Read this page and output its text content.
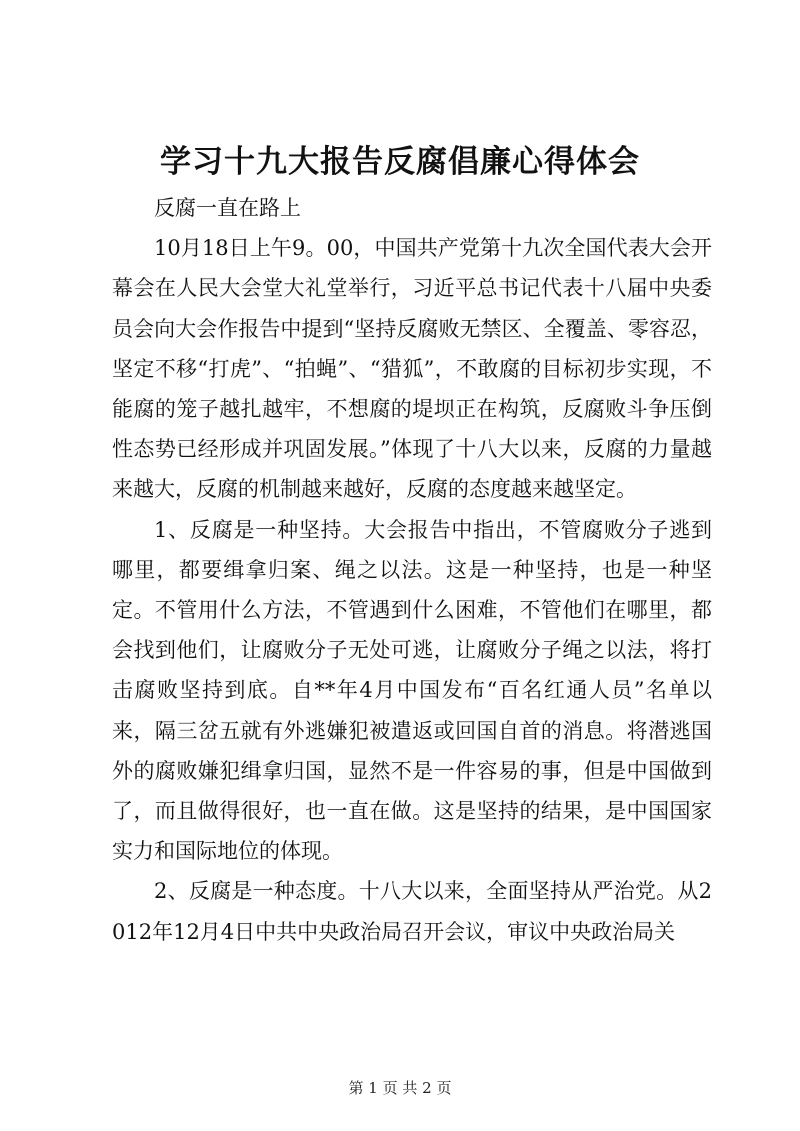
学习十九大报告反腐倡廉心得体会

反腐一直在路上

10月18日上午9。00，中国共产党第十九次全国代表大会开幕会在人民大会堂大礼堂举行，习近平总书记代表十八届中央委员会向大会作报告中提到“坚持反腐败无禁区、全覆盖、零容忍，坚定不移“打虎”、“拍蝇”、“猎狐”，不敢腐的目标初步实现，不能腐的笼子越扎越牢，不想腐的堤坝正在构筑，反腐败斗争压倒性态势已经形成并巩固发展。”体现了十八大以来，反腐的力量越来越大，反腐的机制越来越好，反腐的态度越来越坚定。

1、反腐是一种坚持。大会报告中指出，不管腐败分子逃到哪里，都要缉拿归案、绳之以法。这是一种坚持，也是一种坚定。不管用什么方法，不管遇到什么困难，不管他们在哪里，都会找到他们，让腐败分子无处可逃，让腐败分子绳之以法，将打击腐败坚持到底。自**年4月中国发布“百名红通人员”名单以来，隔三岔五就有外逃嫌犯被遣返或回国自首的消息。将潜逃国外的腐败嫌犯缉拿归国，显然不是一件容易的事，但是中国做到了，而且做得很好，也一直在做。这是坚持的结果，是中国国家实力和国际地位的体现。

2、反腐是一种态度。十八大以来，全面坚持从严治党。从2012年12月4日中共中央政治局召开会议，审议中央政治局关

第 1 页 共 2 页
